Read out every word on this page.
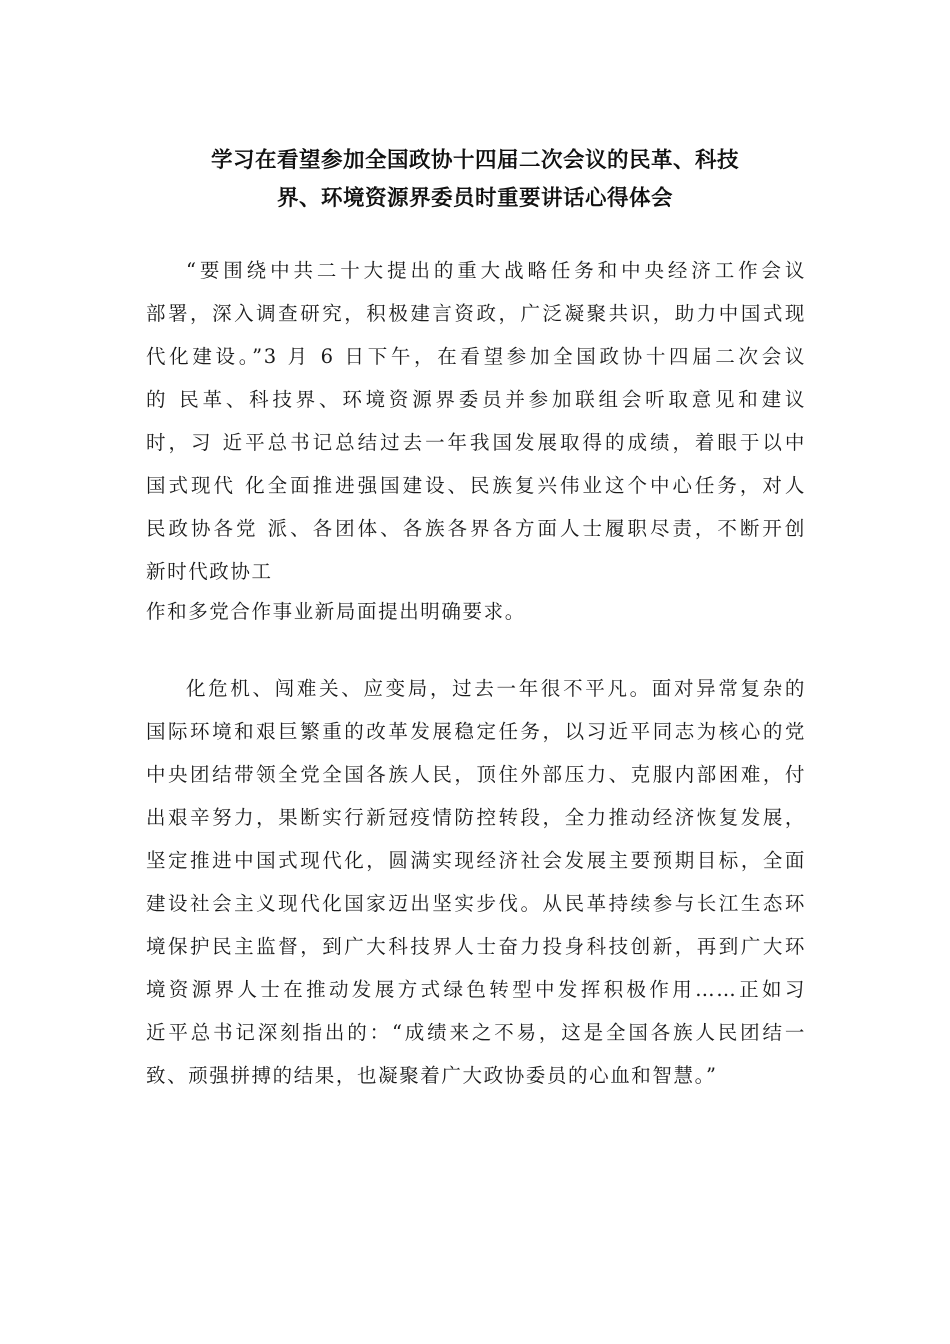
学习在看望参加全国政协十四届二次会议的民革、科技
界、环境资源界委员时重要讲话心得体会
“要围绕中共二十大提出的重大战略任务和中央经济工作会议
部署，深入调查研究，积极建言资政，广泛凝聚共识，助力中国式现
代化建设。”3 月 6 日下午，在看望参加全国政协十四届二次会议
的 民革、科技界、环境资源界委员并参加联组会听取意见和建议
时，习 近平总书记总结过去一年我国发展取得的成绩，着眼于以中
国式现代 化全面推进强国建设、民族复兴伟业这个中心任务，对人
民政协各党 派、各团体、各族各界各方面人士履职尽责，不断开创
新时代政协工
作和多党合作事业新局面提出明确要求。
化危机、闯难关、应变局，过去一年很不平凡。面对异常复杂的
国际环境和艰巨繁重的改革发展稳定任务，以习近平同志为核心的党
中央团结带领全党全国各族人民，顶住外部压力、克服内部困难，付
出艰辛努力，果断实行新冠疫情防控转段，全力推动经济恢复发展，
坚定推进中国式现代化，圆满实现经济社会发展主要预期目标，全面
建设社会主义现代化国家迈出坚实步伐。从民革持续参与长江生态环
境保护民主监督，到广大科技界人士奋力投身科技创新，再到广大环
境资源界人士在推动发展方式绿色转型中发挥积极作用……正如习
近平总书记深刻指出的：“成绩来之不易，这是全国各族人民团结一
致、顽强拼搏的结果，也凝聚着广大政协委员的心血和智慧。”
